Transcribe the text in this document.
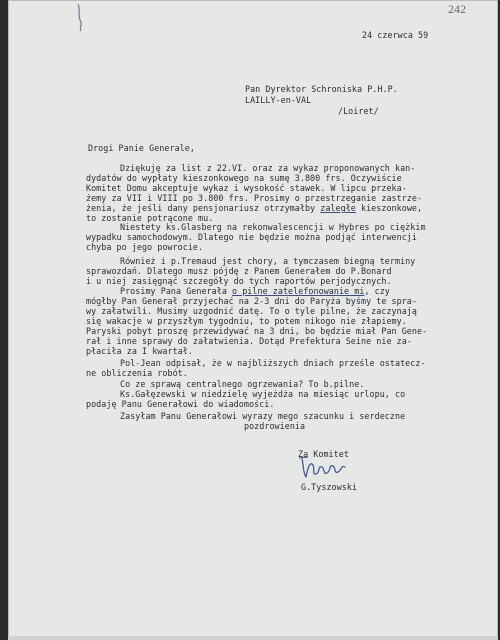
242
24 czerwca 59
Pan Dyrektor Schroniska P.H.P.
LAILLY-en-VAL
/Loiret/
Drogi Panie Generale,
Dziękuję za list z 22.VI. oraz za wykaz proponowanych kan-
dydatów do wypłaty kieszonkowego na sumę 3.800 frs. Oczywiście
Komitet Domu akceptuje wykaz i wysokość stawek. W lipcu przeka-
żemy za VII i VIII po 3.800 frs. Prosimy o przestrzeganie zastrze-
żenia, że jeśli dany pensjonariusz otrzymałby zaległe kieszonkowe,
to zostanie potrącone mu.
Niestety ks.Glasberg na rekonwalescencji w Hybres po ciężkim
wypadku samochodowym. Dlatego nie będzie można podjąć interwencji
chyba po jego powrocie.
Również i p.Tremaud jest chory, a tymczasem biegną terminy
sprawozdań. Dlatego musz pójdę z Panem Generałem do P.Bonard
i u niej zasięgnąć szczegóły do tych raportów perjodycznych.
Prosimy Pana Generała o pilne zatelefonowanie mi, czy
mógłby Pan Generał przyjechać na 2-3 dni do Paryża byśmy te spra-
wy załatwili. Musimy uzgodnić datę. To o tyle pilne, że zaczynają
się wakacje w przyszłym tygodniu, to potem nikogo nie złapiemy.
Paryski pobyt proszę przewidywać na 3 dni, bo będzie miał Pan Gene-
rał i inne sprawy do załatwienia. Dotąd Prefektura Seine nie za-
płaciła za I kwartał.
Pol-Jean odpisał, że w najbliższych dniach prześle ostatecz-
ne obliczenia robót.
Co ze sprawą centralnego ogrzewania? To b.pilne.
Ks.Gałęzewski w niedzielę wyjeżdża na miesiąc urlopu, co
podaję Panu Generałowi do wiadomości.
Zasyłam Panu Generałowi wyrazy mego szacunku i serdeczne
pozdrowienia
Za Komitet
G.Tyszowski
